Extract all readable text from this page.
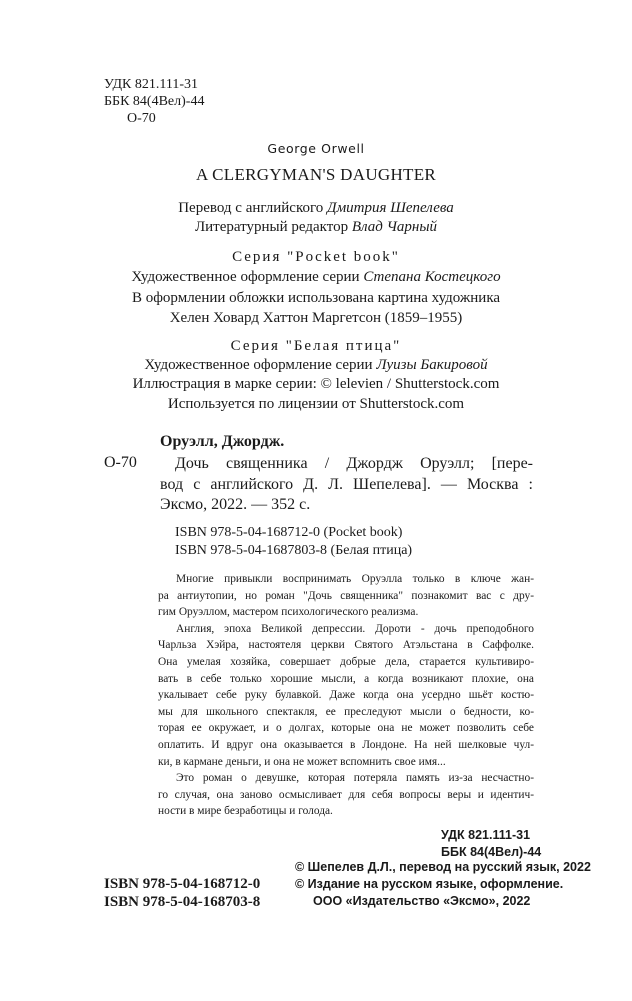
УДК 821.111-31
ББК 84(4Вел)-44
О-70
George Orwell
A CLERGYMAN'S DAUGHTER
Перевод с английского Дмитрия Шепелева
Литературный редактор Влад Чарный
Серия "Pocket book"
Художественное оформление серии Степана Костецкого
В оформлении обложки использована картина художника
Хелен Ховард Хаттон Маргетсон (1859–1955)
Серия "Белая птица"
Художественное оформление серии Луизы Бакировой
Иллюстрация в марке серии: © lelevien / Shutterstock.com
Используется по лицензии от Shutterstock.com
Оруэлл, Джордж.
О-70 Дочь священника / Джордж Оруэлл; [пере-
вод с английского Д. Л. Шепелева]. — Москва :
Эксмо, 2022. — 352 с.
ISBN 978-5-04-168712-0 (Pocket book)
ISBN 978-5-04-1687803-8 (Белая птица)
Многие привыкли воспринимать Оруэлла только в ключе жан-
ра антиутопии, но роман "Дочь священника" познакомит вас с дру-
гим Оруэллом, мастером психологического реализма.
Англия, эпоха Великой депрессии. Дороти - дочь преподобного
Чарльза Хэйра, настоятеля церкви Святого Атэльстана в Саффолке.
Она умелая хозяйка, совершает добрые дела, старается культивиро-
вать в себе только хорошие мысли, а когда возникают плохие, она
укалывает себе руку булавкой. Даже когда она усердно шьёт костю-
мы для школьного спектакля, ее преследуют мысли о бедности, ко-
торая ее окружает, и о долгах, которые она не может позволить себе
оплатить. И вдруг она оказывается в Лондоне. На ней шелковые чул-
ки, в кармане деньги, и она не может вспомнить свое имя...
Это роман о девушке, которая потеряла память из-за несчастно-
го случая, она заново осмысливает для себя вопросы веры и идентич-
ности в мире безработицы и голода.
УДК 821.111-31
ББК 84(4Вел)-44
ISBN 978-5-04-168712-0
ISBN 978-5-04-168703-8
© Шепелев Д.Л., перевод на русский язык, 2022
© Издание на русском языке, оформление.
ООО «Издательство «Эксмо», 2022
